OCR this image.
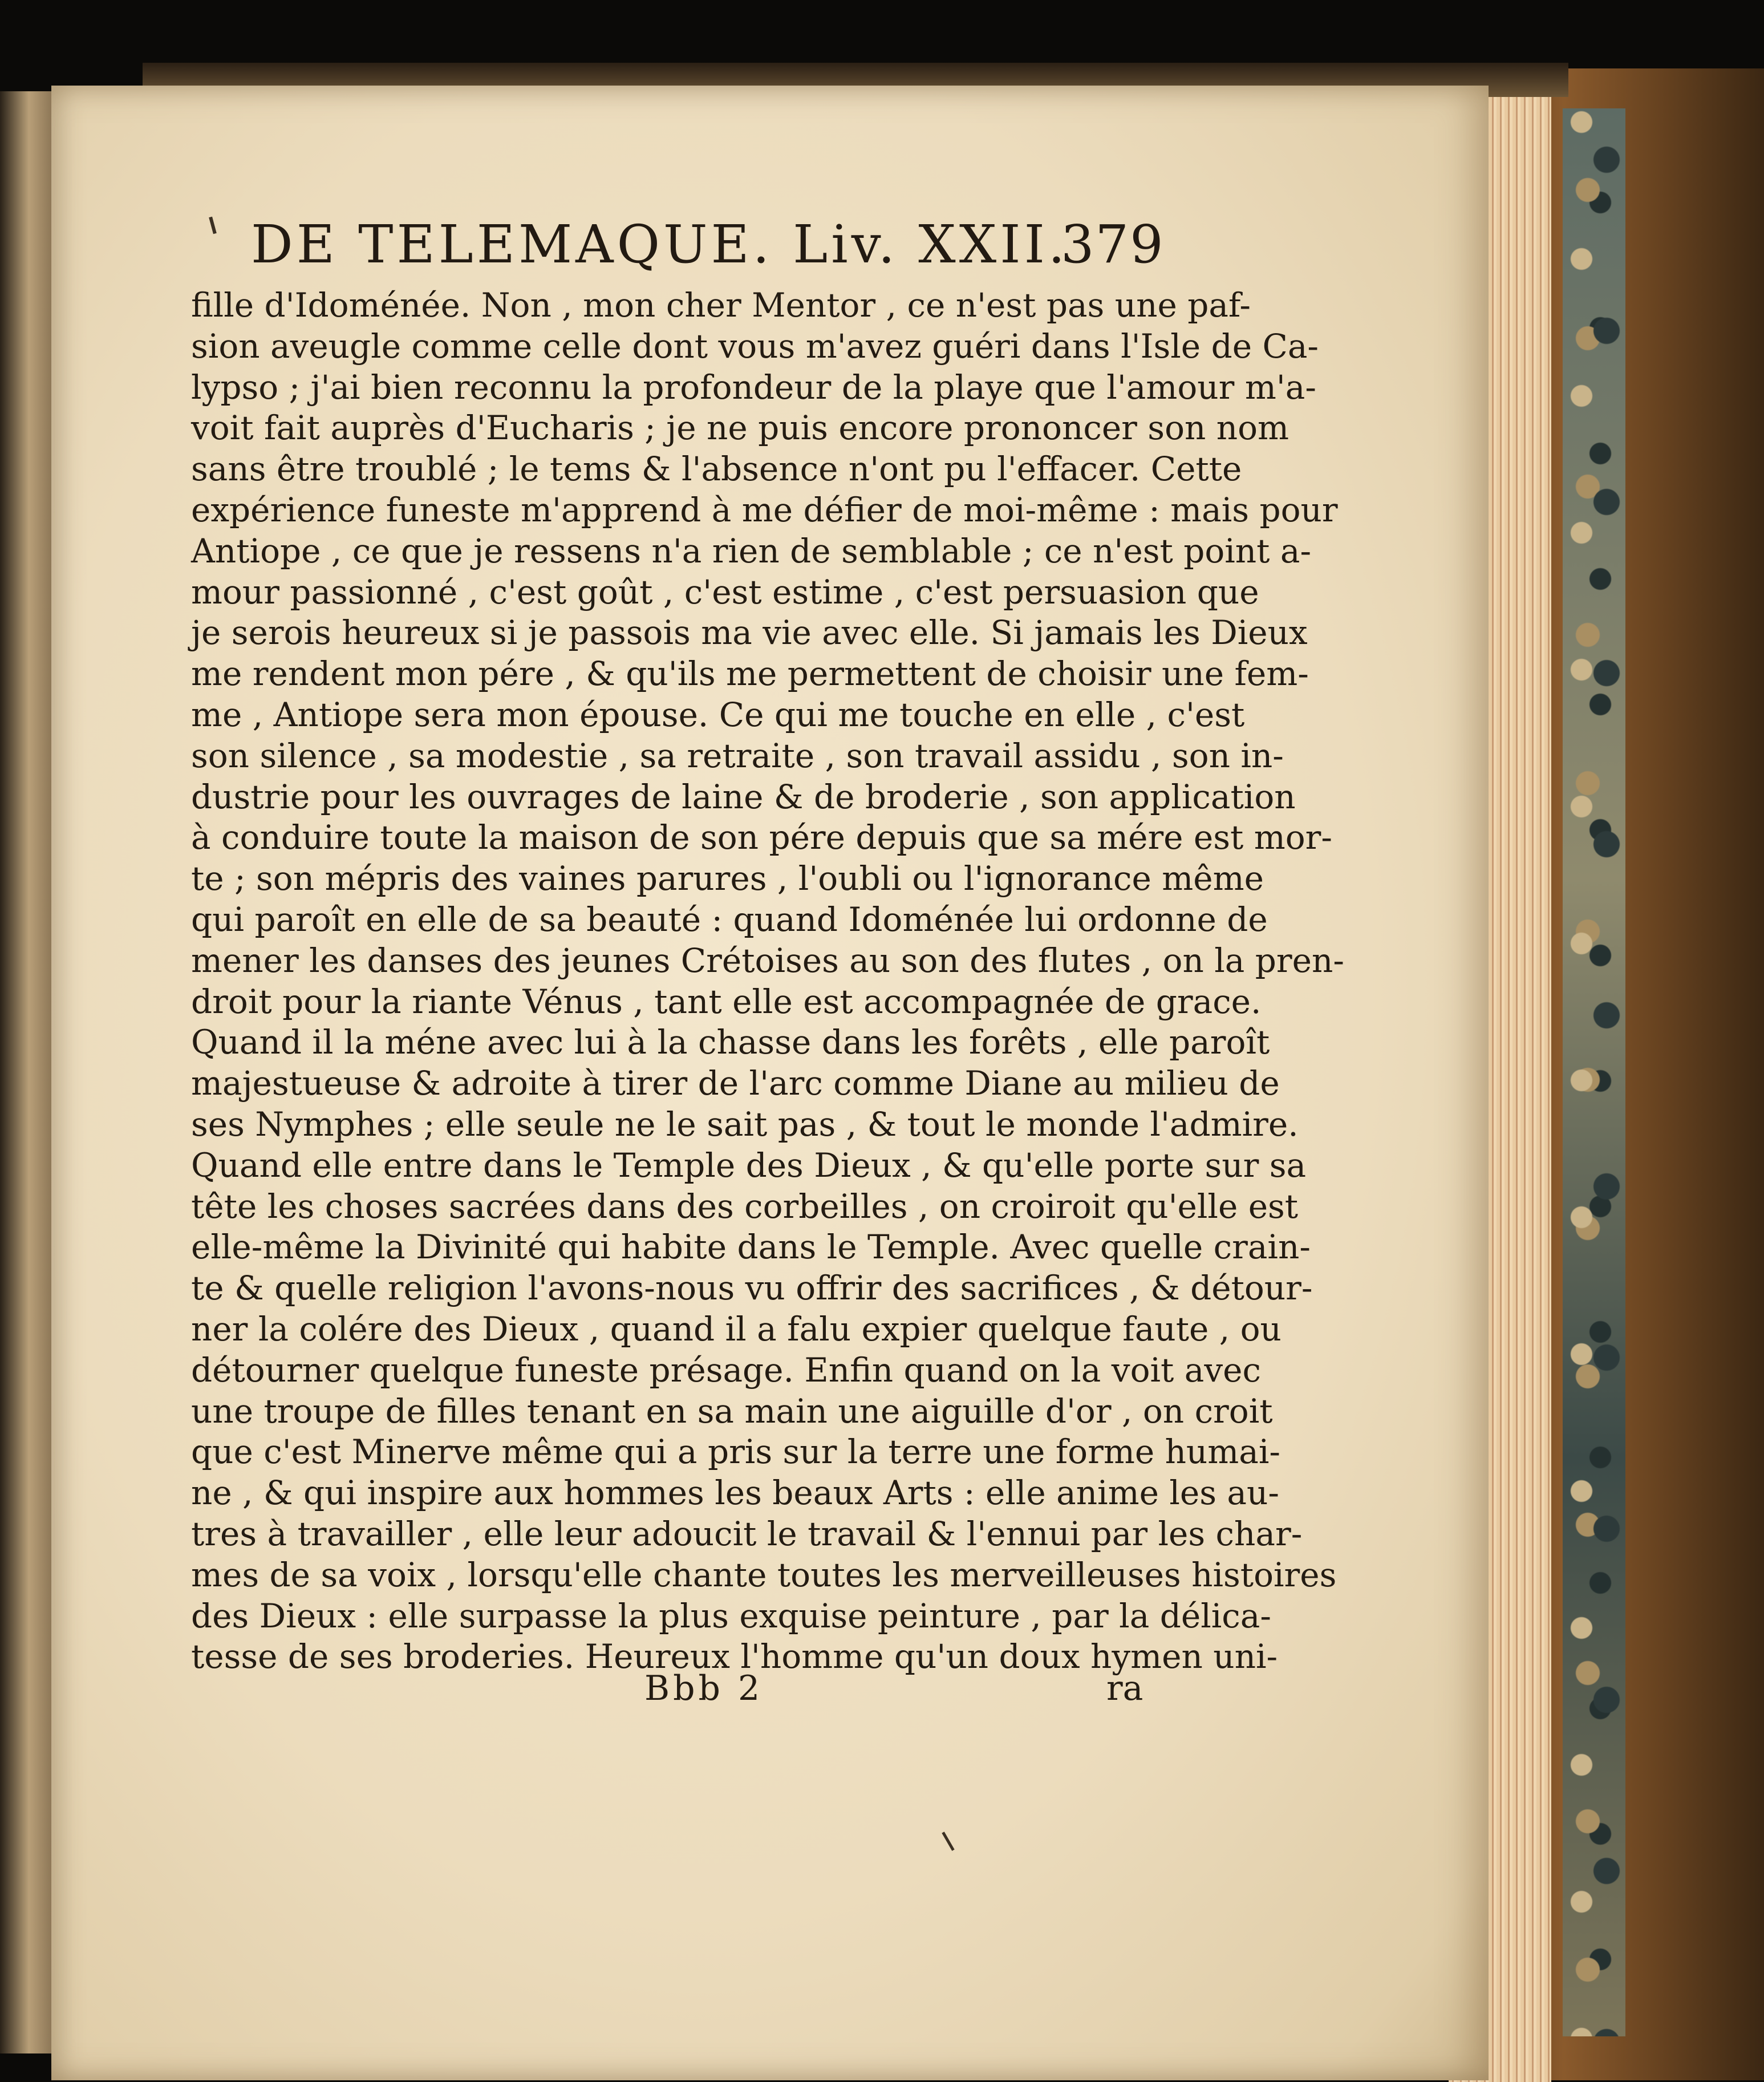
DE TELEMAQUE. Liv. XXII.
379
fille d'Idoménée. Non , mon cher Mentor , ce n'est pas une paf-
sion aveugle comme celle dont vous m'avez guéri dans l'Isle de Ca-
lypso ; j'ai bien reconnu la profondeur de la playe que l'amour m'a-
voit fait auprès d'Eucharis ; je ne puis encore prononcer son nom
sans être troublé ; le tems & l'absence n'ont pu l'effacer. Cette
expérience funeste m'apprend à me défier de moi-même : mais pour
Antiope , ce que je ressens n'a rien de semblable ; ce n'est point a-
mour passionné , c'est goût , c'est estime , c'est persuasion que
je serois heureux si je passois ma vie avec elle. Si jamais les Dieux
me rendent mon pére , & qu'ils me permettent de choisir une fem-
me , Antiope sera mon épouse. Ce qui me touche en elle , c'est
son silence , sa modestie , sa retraite , son travail assidu , son in-
dustrie pour les ouvrages de laine & de broderie , son application
à conduire toute la maison de son pére depuis que sa mére est mor-
te ; son mépris des vaines parures , l'oubli ou l'ignorance même
qui paroît en elle de sa beauté : quand Idoménée lui ordonne de
mener les danses des jeunes Crétoises au son des flutes , on la pren-
droit pour la riante Vénus , tant elle est accompagnée de grace.
Quand il la méne avec lui à la chasse dans les forêts , elle paroît
majestueuse & adroite à tirer de l'arc comme Diane au milieu de
ses Nymphes ; elle seule ne le sait pas , & tout le monde l'admire.
Quand elle entre dans le Temple des Dieux , & qu'elle porte sur sa
tête les choses sacrées dans des corbeilles , on croiroit qu'elle est
elle-même la Divinité qui habite dans le Temple. Avec quelle crain-
te & quelle religion l'avons-nous vu offrir des sacrifices , & détour-
ner la colére des Dieux , quand il a falu expier quelque faute , ou
détourner quelque funeste présage. Enfin quand on la voit avec
une troupe de filles tenant en sa main une aiguille d'or , on croit
que c'est Minerve même qui a pris sur la terre une forme humai-
ne , & qui inspire aux hommes les beaux Arts : elle anime les au-
tres à travailler , elle leur adoucit le travail & l'ennui par les char-
mes de sa voix , lorsqu'elle chante toutes les merveilleuses histoires
des Dieux : elle surpasse la plus exquise peinture , par la délica-
tesse de ses broderies. Heureux l'homme qu'un doux hymen uni-
Bbb 2	ra
